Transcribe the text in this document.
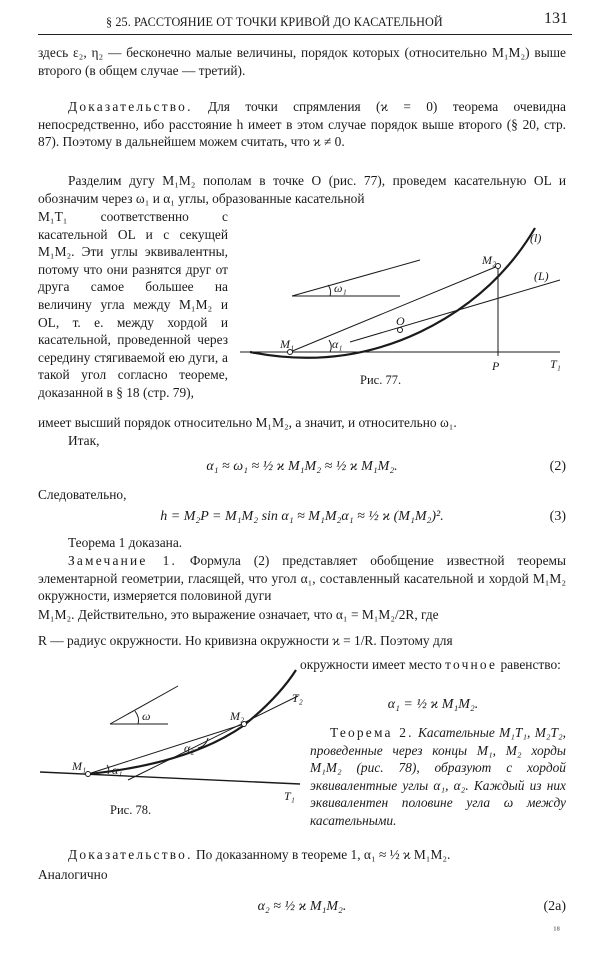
§ 25. РАССТОЯНИЕ ОТ ТОЧКИ КРИВОЙ ДО КАСАТЕЛЬНОЙ	131
здесь ε₂, η₂ — бесконечно малые величины, порядок которых (относительно M₁M₂) выше второго (в общем случае — третий).
Доказательство. Для точки спрямления (ϰ = 0) теорема очевидна непосредственно, ибо расстояние h имеет в этом случае порядок выше второго (§ 20, стр. 87). Поэтому в дальнейшем можем считать, что ϰ ≠ 0.
Разделим дугу M₁M₂ пополам в точке O (рис. 77), проведем касательную OL и обозначим через ω₁ и α₁ углы, образованные касательной
M₁T₁ соответственно с касательной OL и с секущей M₁M₂. Эти углы эквивалентны, потому что они разнятся друг от друга самое большее на величину угла между M₁M₂ и OL, т. е. между хордой и касательной, проведенной через середину стягиваемой ею дуги, а такой угол согласно теореме, доказанной в § 18 (стр. 79),
(l)
(L)
M₂
M₁
O
ω₁
α₁
P	T₁
Рис. 77.
имеет высший порядок относительно M₁M₂, а значит, и относительно ω₁.
Итак,
α₁ ≈ ω₁ ≈ ½ ϰ M₁M₂ ≈ ½ ϰ M₁M₂.	(2)
Следовательно,
h = M₂P = M₁M₂ sin α₁ ≈ M₁M₂α₁ ≈ ½ ϰ (M₁M₂)².	(3)
Теорема 1 доказана.
Замечание 1. Формула (2) представляет обобщение известной теоремы элементарной геометрии, гласящей, что угол α₁, составленный касательной и хордой M₁M₂ окружности, измеряется половиной дуги
M₁M₂. Действительно, это выражение означает, что α₁ = M₁M₂/2R, где
R — радиус окружности. Но кривизна окружности ϰ = 1/R. Поэтому для
окружности имеет место точное равенство:
α₁ = ½ ϰ M₁M₂.
Теорема 2. Касательные M₁T₁, M₂T₂, проведенные через концы M₁, M₂ хорды M₁M₂ (рис. 78), образуют с хордой эквивалентные углы α₁, α₂. Каждый из них эквивалентен половине угла ω между касательными.
ω	M₂
T₂
α₂
α₁
M₁
T₁
Рис. 78.
Доказательство. По доказанному в теореме 1, α₁ ≈ ½ ϰ M₁M₂.
Аналогично
α₂ ≈ ½ ϰ M₁M₂.	(2a)
¹⁸
